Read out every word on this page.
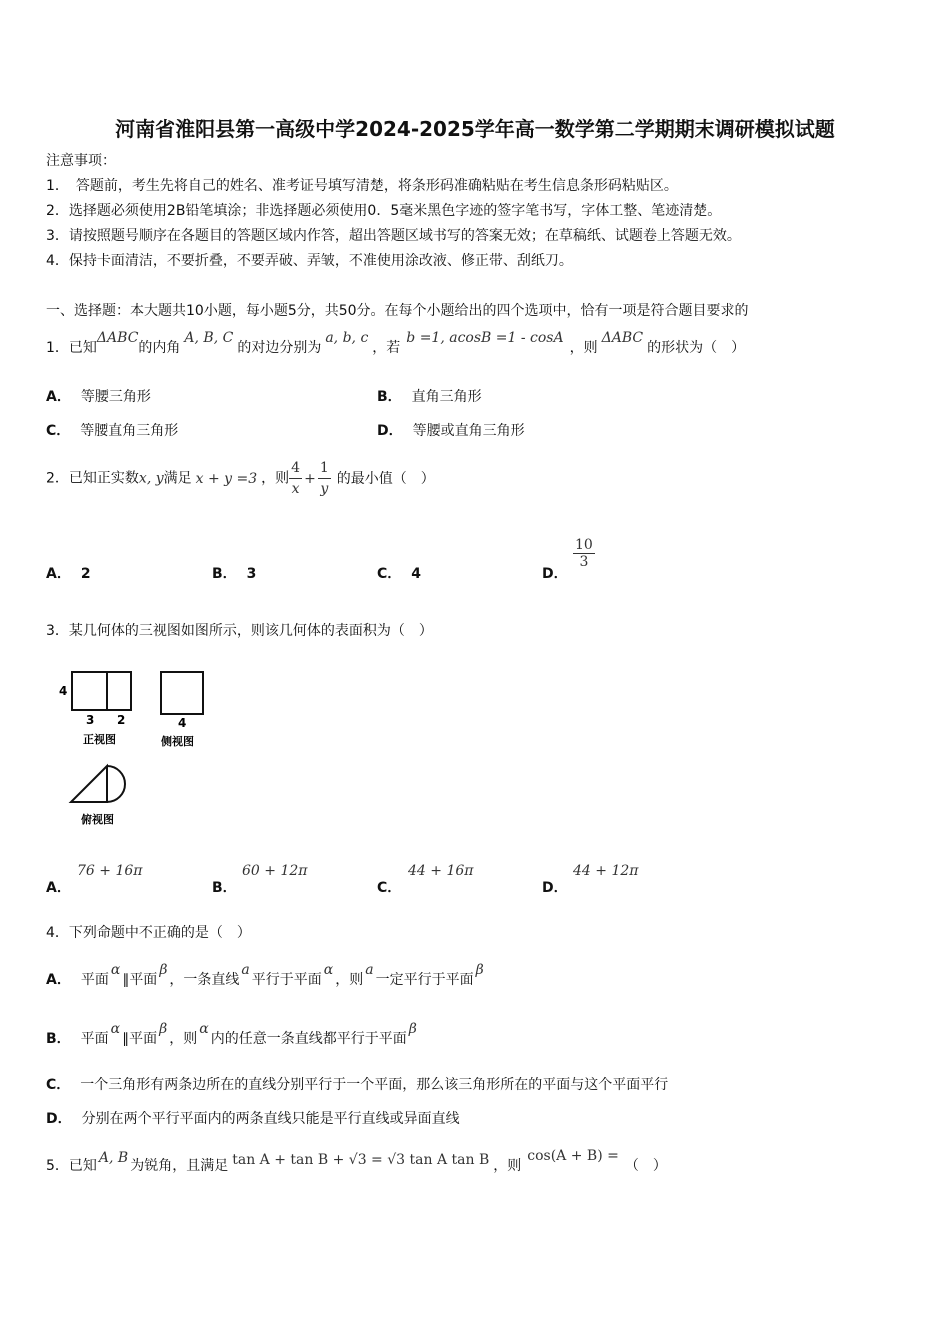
河南省淮阳县第一高级中学2024-2025学年高一数学第二学期期末调研模拟试题
注意事项：
1．　答题前，考生先将自己的姓名、准考证号填写清楚，将条形码准确粘贴在考生信息条形码粘贴区。
2．选择题必须使用2B铅笔填涂；非选择题必须使用0．5毫米黑色字迹的签字笔书写，字体工整、笔迹清楚。
3．请按照题号顺序在各题目的答题区域内作答，超出答题区域书写的答案无效；在草稿纸、试题卷上答题无效。
4．保持卡面清洁，不要折叠，不要弄破、弄皱，不准使用涂改液、修正带、刮纸刀。
一、选择题：本大题共10小题，每小题5分，共50分。在每个小题给出的四个选项中，恰有一项是符合题目要求的
1．已知ΔABC的内角A, B, C的对边分别为a, b, c，若b =1, acosB =1 - cosA，则ΔABC的形状为（　）
A． 等腰三角形	B． 直角三角形
C． 等腰直角三角形	D． 等腰或直角三角形
2．已知正实数x, y满足 x + y =3 ，则 $\frac{4}{x} + \frac{1}{y}$ 的最小值（　）
A． 2	B． 3	C． 4	D．
$\frac{10}{3}$
3．某几何体的三视图如图所示，则该几何体的表面积为（　）
4
3 2
正视图
4
侧视图
俯视图
A．
76 + 16π
B．
60 + 12π
C．
44 + 16π
D．
44 + 12π
4．下列命题中不正确的是（　）
A． 平面α∥平面β，一条直线a平行于平面α，则a一定平行于平面β
B． 平面α∥平面β，则α内的任意一条直线都平行于平面β
C． 一个三角形有两条边所在的直线分别平行于一个平面，那么该三角形所在的平面与这个平面平行
D． 分别在两个平行平面内的两条直线只能是平行直线或异面直线
5．已知 A, B 为锐角，且满足 tan A + tan B + √3 = √3 tan A tan B ，则cos(A + B) =（　）
